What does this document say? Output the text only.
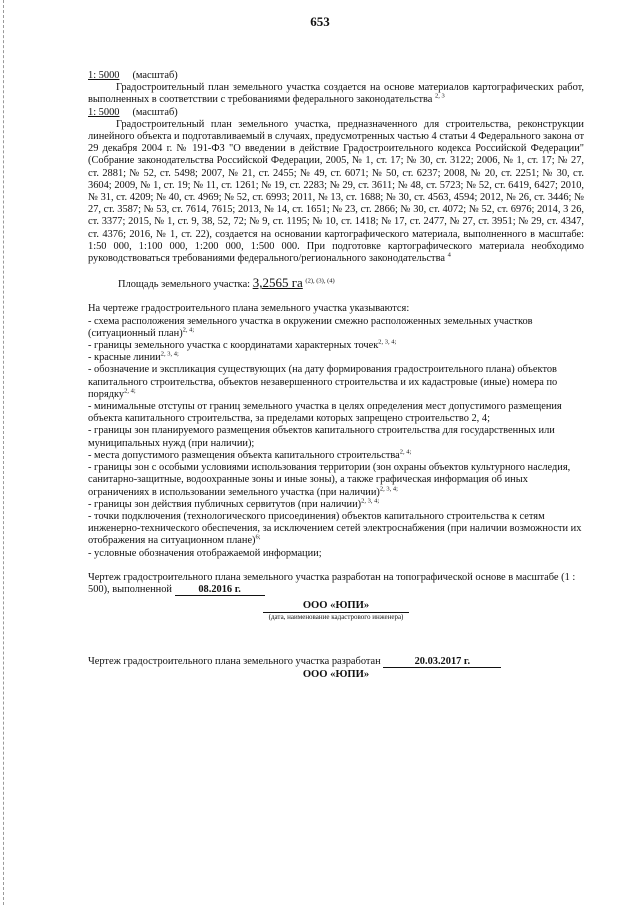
653

1: 5000 (масштаб)

Градостроительный план земельного участка создается на основе материалов картографических работ, выполненных в соответствии с требованиями федерального законодательства $^{2, 3}$

1: 5000 (масштаб)

Градостроительный план земельного участка, предназначенного для строительства, реконструкции линейного объекта и подготавливаемый в случаях, предусмотренных частью 4 статьи 4 Федерального закона от 29 декабря 2004 г. № 191-ФЗ "О введении в действие Градостроительного кодекса Российской Федерации" (Собрание законодательства Российской Федерации, 2005, № 1, ст. 17; № 30, ст. 3122; 2006, № 1, ст. 17; № 27, ст. 2881; № 52, ст. 5498; 2007, № 21, ст. 2455; № 49, ст. 6071; № 50, ст. 6237; 2008, № 20, ст. 2251; № 30, ст. 3604; 2009, № 1, ст. 19; № 11, ст. 1261; № 19, ст. 2283; № 29, ст. 3611; № 48, ст. 5723; № 52, ст. 6419, 6427; 2010, № 31, ст. 4209; № 40, ст. 4969; № 52, ст. 6993; 2011, № 13, ст. 1688; № 30, ст. 4563, 4594; 2012, № 26, ст. 3446; № 27, ст. 3587; № 53, ст. 7614, 7615; 2013, № 14, ст. 1651; № 23, ст. 2866; № 30, ст. 4072; № 52, ст. 6976; 2014, 3 26, ст. 3377; 2015, № 1, ст. 9, 38, 52, 72; № 9, ст. 1195; № 10, ст. 1418; № 17, ст. 2477, № 27, ст. 3951; № 29, ст. 4347, ст. 4376; 2016, № 1, ст. 22), создается на основании картографического материала, выполненного в масштабе: 1:50 000, 1:100 000, 1:200 000, 1:500 000. При подготовке картографического материала необходимо руководствоваться требованиями федерального/регионального законодательства $^4$

Площадь земельного участка: 3,2565 га $^{(2), (3), (4)}$

На чертеже градостроительного плана земельного участка указываются:

- схема расположения земельного участка в окружении смежно расположенных земельных участков (ситуационный план)$^{2, 4;}$

- границы земельного участка с координатами характерных точек$^{2, 3, 4;}$

- красные линии$^{2, 3, 4;}$

- обозначение и экспликация существующих (на дату формирования градостроительного плана) объектов капитального строительства, объектов незавершенного строительства и их кадастровые (иные) номера по порядку$^{2, 4;}$

- минимальные отступы от границ земельного участка в целях определения мест допустимого размещения объекта капитального строительства, за пределами которых запрещено строительство 2, 4;

- границы зон планируемого размещения объектов капитального строительства для государственных или муниципальных нужд (при наличии);

- места допустимого размещения объекта капитального строительства$^{2, 4;}$

- границы зон с особыми условиями использования территории (зон охраны объектов культурного наследия, санитарно-защитные, водоохранные зоны и иные зоны), а также графическая информация об иных ограничениях в использовании земельного участка (при наличии)$^{2, 3, 4;}$

- границы зон действия публичных сервитутов (при наличии)$^{2, 3, 4;}$

- точки подключения (технологического присоединения) объектов капитального строительства к сетям инженерно-технического обеспечения, за исключением сетей электроснабжения (при наличии возможности их отображения на ситуационном плане)$^{6;}$

- условные обозначения отображаемой информации;

Чертеж градостроительного плана земельного участка разработан на топографической основе в масштабе (1 : 500), выполненной	08.2016 г.

ООО «ЮПИ»

(дата, наименование кадастрового инженера)

Чертеж градостроительного плана земельного участка разработан	20.03.2017 г.

ООО «ЮПИ»
